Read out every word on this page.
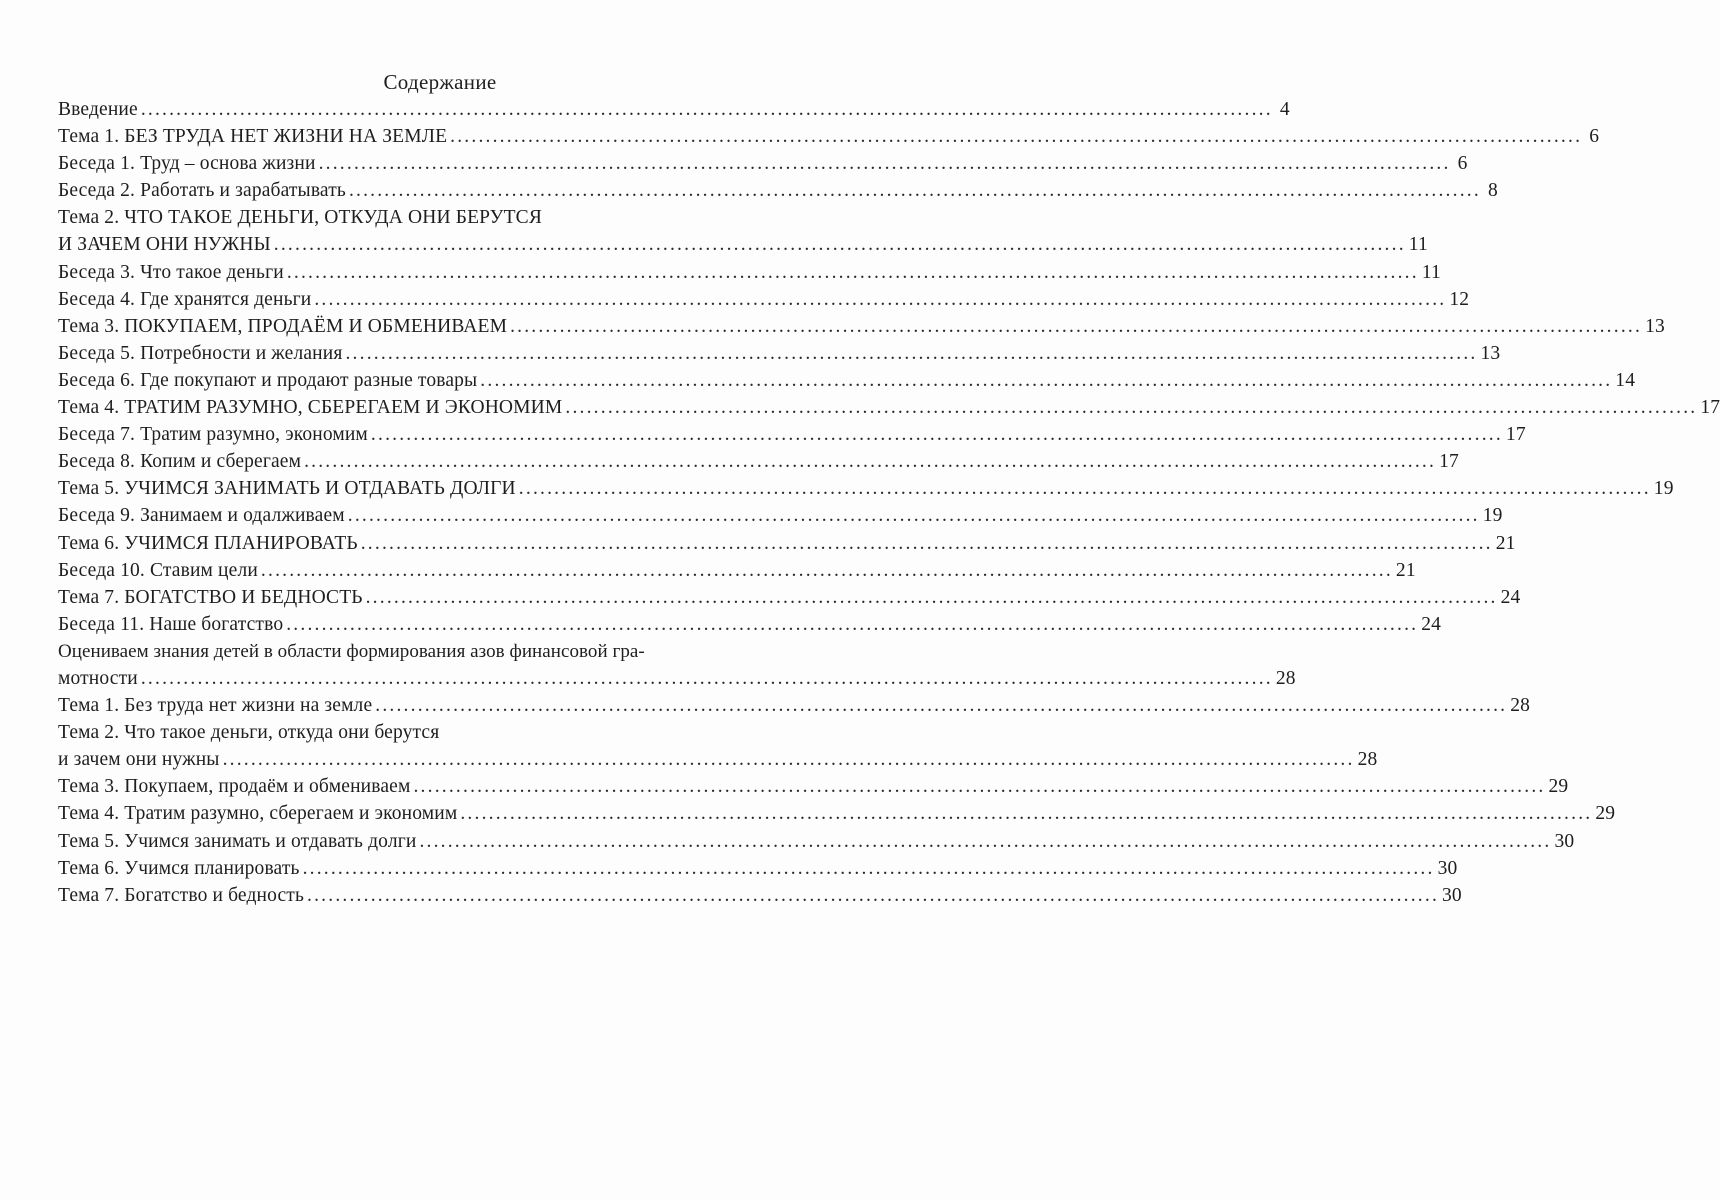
Содержание
Введение ................................................................................................................................................................ 4
Тема 1. БЕЗ ТРУДА НЕТ ЖИЗНИ НА ЗЕМЛЕ ................................................................................................................................................................ 6
Беседа 1. Труд – основа жизни ................................................................................................................................................................ 6
Беседа 2. Работать и зарабатывать ................................................................................................................................................................ 8
Тема 2. ЧТО ТАКОЕ ДЕНЬГИ, ОТКУДА ОНИ БЕРУТСЯ
И ЗАЧЕМ ОНИ НУЖНЫ ................................................................................................................................................................ 11
Беседа 3. Что такое деньги ................................................................................................................................................................ 11
Беседа 4. Где хранятся деньги ................................................................................................................................................................ 12
Тема 3. ПОКУПАЕМ, ПРОДАЁМ И ОБМЕНИВАЕМ ................................................................................................................................................................ 13
Беседа 5. Потребности и желания ................................................................................................................................................................ 13
Беседа 6. Где покупают и продают разные товары ................................................................................................................................................................ 14
Тема 4. ТРАТИМ РАЗУМНО, СБЕРЕГАЕМ И ЭКОНОМИМ ................................................................................................................................................................ 17
Беседа 7. Тратим разумно, экономим ................................................................................................................................................................ 17
Беседа 8. Копим и сберегаем ................................................................................................................................................................ 17
Тема 5. УЧИМСЯ ЗАНИМАТЬ И ОТДАВАТЬ ДОЛГИ ................................................................................................................................................................ 19
Беседа 9. Занимаем и одалживаем ................................................................................................................................................................ 19
Тема 6. УЧИМСЯ ПЛАНИРОВАТЬ ................................................................................................................................................................ 21
Беседа 10. Ставим цели ................................................................................................................................................................ 21
Тема 7. БОГАТСТВО И БЕДНОСТЬ ................................................................................................................................................................ 24
Беседа 11. Наше богатство ................................................................................................................................................................ 24
Оцениваем знания детей в области формирования азов финансовой гра-
мотности ................................................................................................................................................................ 28
Тема 1. Без труда нет жизни на земле ................................................................................................................................................................ 28
Тема 2. Что такое деньги, откуда они берутся
и зачем они нужны ................................................................................................................................................................ 28
Тема 3. Покупаем, продаём и обмениваем ................................................................................................................................................................ 29
Тема 4. Тратим разумно, сберегаем и экономим ................................................................................................................................................................ 29
Тема 5. Учимся занимать и отдавать долги ................................................................................................................................................................ 30
Тема 6. Учимся планировать ................................................................................................................................................................ 30
Тема 7. Богатство и бедность ................................................................................................................................................................ 30
